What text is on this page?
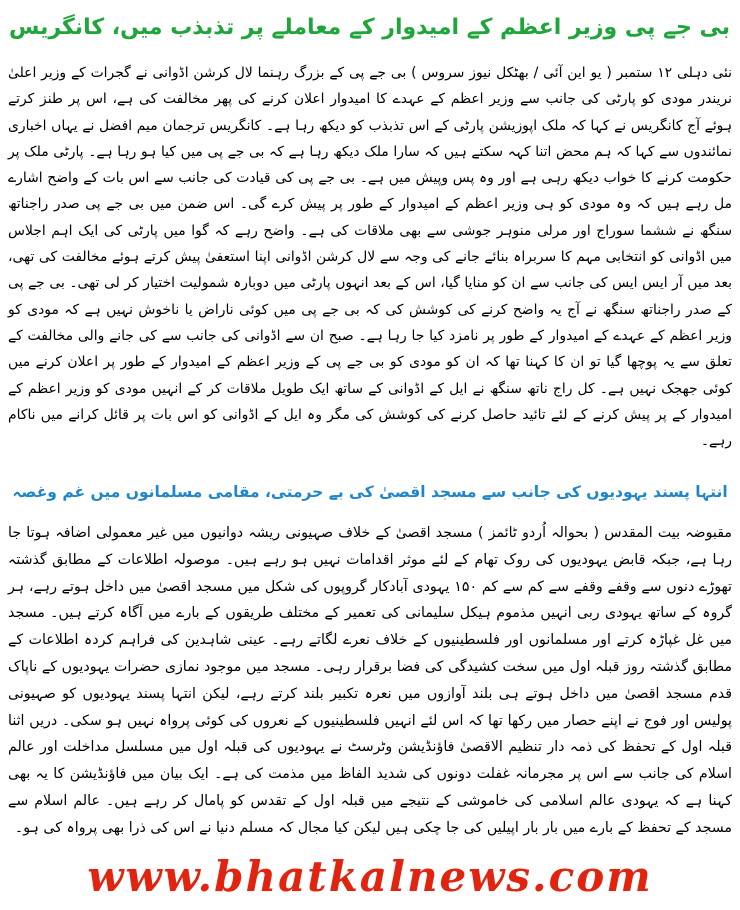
بی جے پی وزیر اعظم کے امیدوار کے معاملے پر تذبذب میں، کانگریس

نئی دہلی ۱۲ ستمبر ( یو این آئی / بھٹکل نیوز سروس ) بی جے پی کے بزرگ رہنما لال کرشن اڈوانی نے گجرات کے وزیر اعلیٰ نریندر مودی کو پارٹی کی جانب سے وزیر اعظم کے عہدے کا امیدوار اعلان کرنے کی پھر مخالفت کی ہے، اس پر طنز کرتے ہوئے آج کانگریس نے کہا کہ ملک اپوزیشن پارٹی کے اس تذبذب کو دیکھ رہا ہے۔ کانگریس ترجمان میم افضل نے یہاں اخباری نمائندوں سے کہا کہ ہم محض اتنا کہہ سکتے ہیں کہ سارا ملک دیکھ رہا ہے کہ بی جے پی میں کیا ہو رہا ہے۔ پارٹی ملک پر حکومت کرنے کا خواب دیکھ رہی ہے اور وہ پس وپیش میں ہے۔ بی جے پی کی قیادت کی جانب سے اس بات کے واضح اشارے مل رہے ہیں کہ وہ مودی کو ہی وزیر اعظم کے امیدوار کے طور پر پیش کرے گی۔ اس ضمن میں بی جے پی صدر راجناتھ سنگھ نے ششما سوراج اور مرلی منوہر جوشی سے بھی ملاقات کی ہے۔ واضح رہے کہ گوا میں پارٹی کی ایک اہم اجلاس میں اڈوانی کو انتخابی مہم کا سربراہ بنائے جانے کی وجہ سے لال کرشن اڈوانی اپنا استعفیٰ پیش کرتے ہوئے مخالفت کی تھی، بعد میں آر ایس ایس کی جانب سے ان کو منایا گیا، اس کے بعد انہوں پارٹی میں دوبارہ شمولیت اختیار کر لی تھی۔ بی جے پی کے صدر راجناتھ سنگھ نے آج یہ واضح کرنے کی کوشش کی کہ بی جے پی میں کوئی ناراض یا ناخوش نہیں ہے کہ مودی کو وزیر اعظم کے عہدے کے امیدوار کے طور پر نامزد کیا جا رہا ہے۔ صبح ان سے اڈوانی کی جانب سے کی جانے والی مخالفت کے تعلق سے یہ پوچھا گیا تو ان کا کہنا تھا کہ ان کو مودی کو بی جے پی کے وزیر اعظم کے امیدوار کے طور پر اعلان کرنے میں کوئی جھجک نہیں ہے۔ کل راج ناتھ سنگھ نے ایل کے اڈوانی کے ساتھ ایک طویل ملاقات کر کے انہیں مودی کو وزیر اعظم کے امیدوار کے پر پیش کرنے کے لئے تائید حاصل کرنے کی کوشش کی مگر وہ ایل کے اڈوانی کو اس بات پر قائل کرانے میں ناکام رہے۔

انتہا پسند یہودیوں کی جانب سے مسجد اقصیٰ کی بے حرمتی، مقامی مسلمانوں میں غم وغصہ

مقبوضہ بیت المقدس ( بحوالہ اُردو ٹائمز ) مسجد اقصیٰ کے خلاف صہیونی ریشہ دوانیوں میں غیر معمولی اضافہ ہوتا جا رہا ہے، جبکہ قابض یہودیوں کی روک تھام کے لئے موثر اقدامات نہیں ہو رہے ہیں۔ موصولہ اطلاعات کے مطابق گذشتہ تھوڑے دنوں سے وقفے وقفے سے کم سے کم ۱۵۰ یہودی آبادکار گروپوں کی شکل میں مسجد اقصیٰ میں داخل ہوتے رہے، ہر گروہ کے ساتھ یہودی ربی انہیں مذموم ہیکل سلیمانی کی تعمیر کے مختلف طریقوں کے بارے میں آگاہ کرتے ہیں۔ مسجد میں غل غپاڑہ کرتے اور مسلمانوں اور فلسطینیوں کے خلاف نعرے لگاتے رہے۔ عینی شاہدین کی فراہم کردہ اطلاعات کے مطابق گذشتہ روز قبلہ اول میں سخت کشیدگی کی فضا برقرار رہی۔ مسجد میں موجود نمازی حضرات یہودیوں کے ناپاک قدم مسجد اقصیٰ میں داخل ہوتے ہی بلند آوازوں میں نعرہ تکبیر بلند کرتے رہے، لیکن انتہا پسند یہودیوں کو صہیونی پولیس اور فوج نے اپنے حصار میں رکھا تھا کہ اس لئے انہیں فلسطینیوں کے نعروں کی کوئی پرواہ نہیں ہو سکی۔ دریں اثنا قبلہ اول کے تحفظ کی ذمہ دار تنظیم الاقصیٰ فاؤنڈیشن وٹرسٹ نے یہودیوں کی قبلہ اول میں مسلسل مداخلت اور عالم اسلام کی جانب سے اس پر مجرمانہ غفلت دونوں کی شدید الفاظ میں مذمت کی ہے۔ ایک بیان میں فاؤنڈیشن کا یہ بھی کہنا ہے کہ یہودی عالم اسلامی کی خاموشی کے نتیجے میں قبلہ اول کے تقدس کو پامال کر رہے ہیں۔ عالم اسلام سے مسجد کے تحفظ کے بارے میں بار بار اپیلیں کی جا چکی ہیں لیکن کیا مجال کہ مسلم دنیا نے اس کی ذرا بھی پرواہ کی ہو۔

www.bhatkalnews.com
